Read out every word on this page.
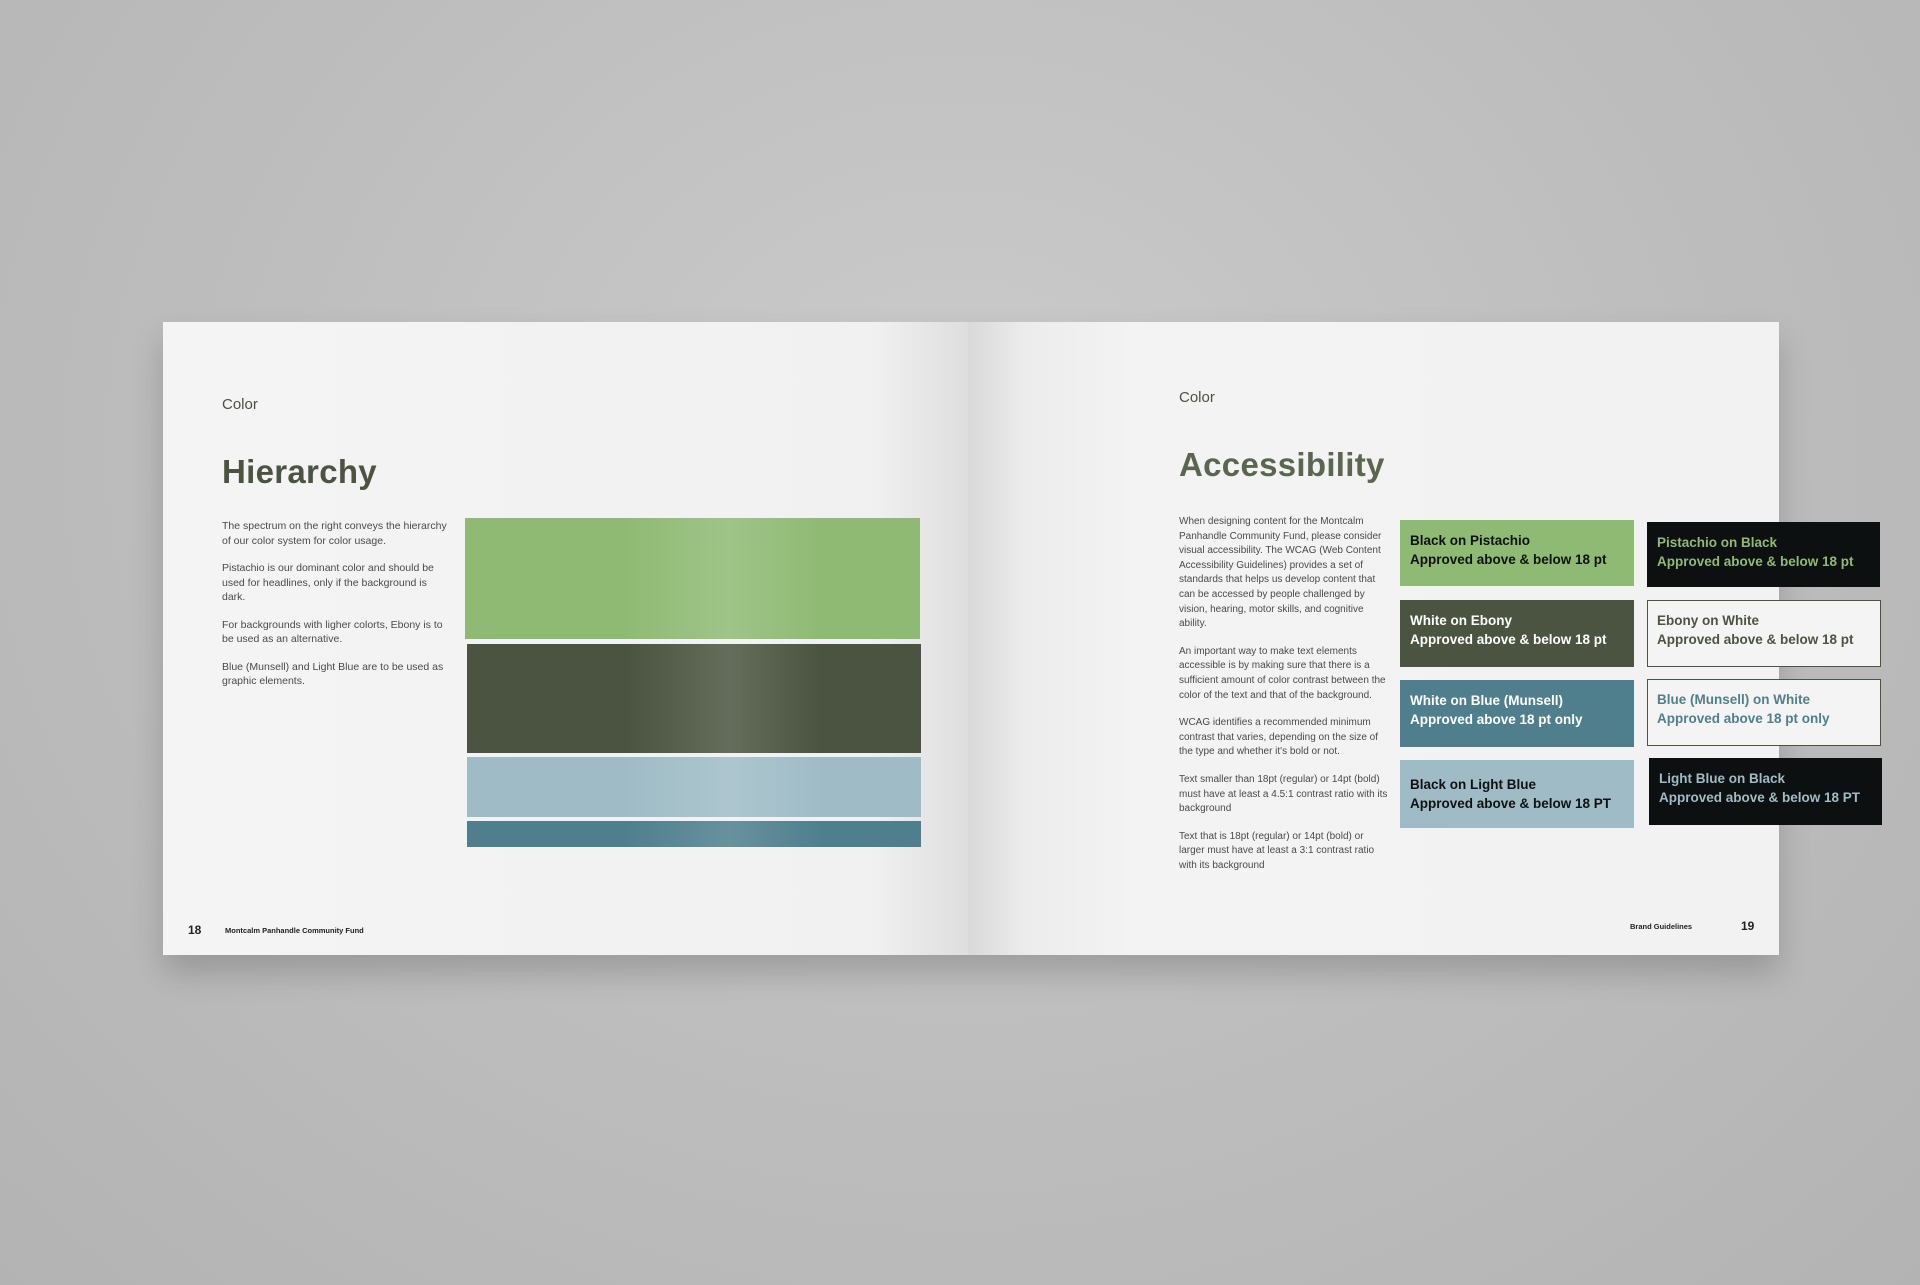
Color
Hierarchy

The spectrum on the right conveys the hierarchy of our color system for color usage.

Pistachio is our dominant color and should be used for headlines, only if the background is dark.

For backgrounds with ligher colorts, Ebony is to be used as an alternative.

Blue (Munsell) and Light Blue are to be used as graphic elements.

18	Montcalm Panhandle Community Fund
Color
Accessibility

When designing content for the Montcalm Panhandle Community Fund, please consider visual accessibility. The WCAG (Web Content Accessibility Guidelines) provides a set of standards that helps us develop content that can be accessed by people challenged by vision, hearing, motor skills, and cognitive ability.

An important way to make text elements accessible is by making sure that there is a sufficient amount of color contrast between the color of the text and that of the background.

WCAG identifies a recommended minimum contrast that varies, depending on the size of the type and whether it's bold or not.

Text smaller than 18pt (regular) or 14pt (bold) must have at least a 4.5:1 contrast ratio with its background

Text that is 18pt (regular) or 14pt (bold) or larger must have at least a 3:1 contrast ratio with its background

Black on Pistachio
Approved above & below 18 pt
Pistachio on Black
Approved above & below 18 pt
White on Ebony
Approved above & below 18 pt
Ebony on White
Approved above & below 18 pt
White on Blue (Munsell)
Approved above 18 pt only
Blue (Munsell) on White
Approved above 18 pt only
Black on Light Blue
Approved above & below 18 PT
Light Blue on Black
Approved above & below 18 PT
Brand Guidelines	19
